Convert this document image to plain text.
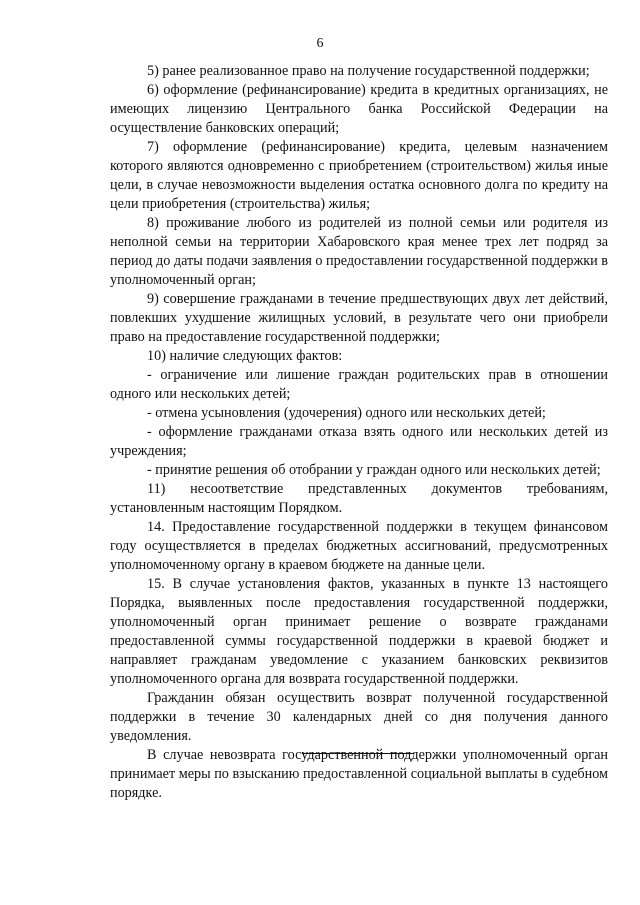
6

5) ранее реализованное право на получение государственной поддержки;

6) оформление (рефинансирование) кредита в кредитных организациях, не имеющих лицензию Центрального банка Российской Федерации на осуществление банковских операций;

7) оформление (рефинансирование) кредита, целевым назначением которого являются одновременно с приобретением (строительством) жилья иные цели, в случае невозможности выделения остатка основного долга по кредиту на цели приобретения (строительства) жилья;

8) проживание любого из родителей из полной семьи или родителя из неполной семьи на территории Хабаровского края менее трех лет подряд за период до даты подачи заявления о предоставлении государственной поддержки в уполномоченный орган;

9) совершение гражданами в течение предшествующих двух лет действий, повлекших ухудшение жилищных условий, в результате чего они приобрели право на предоставление государственной поддержки;

10) наличие следующих фактов:

- ограничение или лишение граждан родительских прав в отношении одного или нескольких детей;

- отмена усыновления (удочерения) одного или нескольких детей;

- оформление гражданами отказа взять одного или нескольких детей из учреждения;

- принятие решения об отобрании у граждан одного или нескольких детей;

11) несоответствие представленных документов требованиям, установленным настоящим Порядком.

14. Предоставление государственной поддержки в текущем финансовом году осуществляется в пределах бюджетных ассигнований, предусмотренных уполномоченному органу в краевом бюджете на данные цели.

15. В случае установления фактов, указанных в пункте 13 настоящего Порядка, выявленных после предоставления государственной поддержки, уполномоченный орган принимает решение о возврате гражданами предоставленной суммы государственной поддержки в краевой бюджет и направляет гражданам уведомление с указанием банковских реквизитов уполномоченного органа для возврата государственной поддержки.

Гражданин обязан осуществить возврат полученной государственной поддержки в течение 30 календарных дней со дня получения данного уведомления.

В случае невозврата государственной поддержки уполномоченный орган принимает меры по взысканию предоставленной социальной выплаты в судебном порядке.
